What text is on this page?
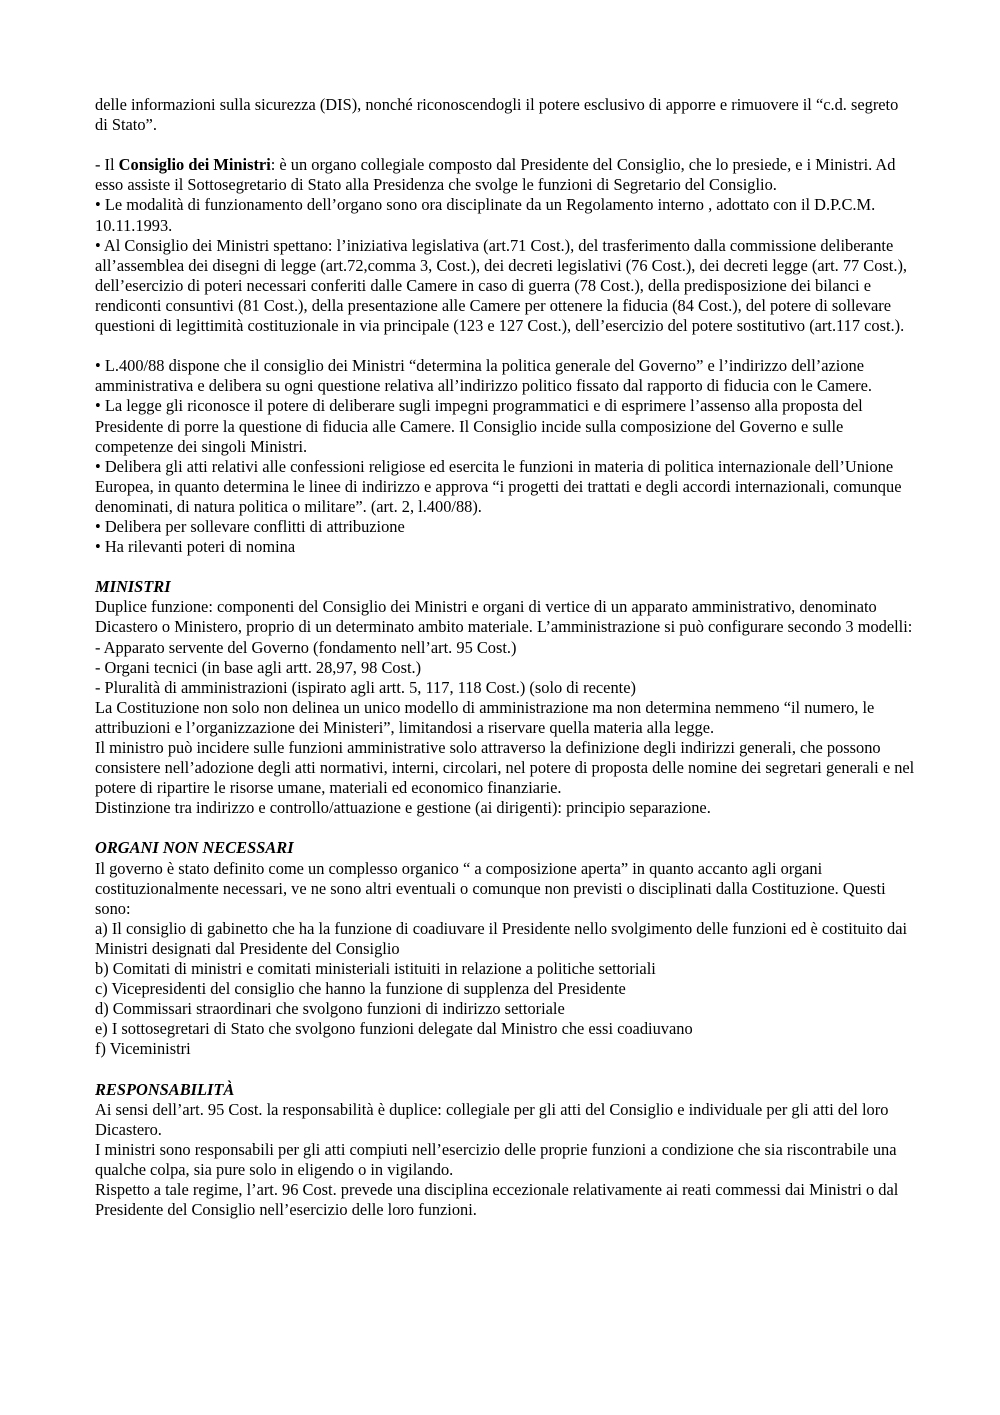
delle informazioni sulla sicurezza (DIS), nonché riconoscendogli il potere esclusivo di apporre e rimuovere il “c.d. segreto di Stato”.
- Il Consiglio dei Ministri: è un organo collegiale composto dal Presidente del Consiglio, che lo presiede, e i Ministri. Ad esso assiste il Sottosegretario di Stato alla Presidenza che svolge le funzioni di Segretario del Consiglio.
• Le modalità di funzionamento dell’organo sono ora disciplinate da un Regolamento interno , adottato con il D.P.C.M. 10.11.1993.
• Al Consiglio dei Ministri spettano: l’iniziativa legislativa (art.71 Cost.), del trasferimento dalla commissione deliberante all’assemblea dei disegni di legge (art.72,comma 3, Cost.), dei decreti legislativi (76 Cost.), dei decreti legge (art. 77 Cost.), dell’esercizio di poteri necessari conferiti dalle Camere in caso di guerra (78 Cost.), della predisposizione dei bilanci e rendiconti consuntivi (81 Cost.), della presentazione alle Camere per ottenere la fiducia (84 Cost.), del potere di sollevare questioni di legittimità costituzionale in via principale (123 e 127 Cost.), dell’esercizio del potere sostitutivo (art.117 cost.).
• L.400/88 dispone che il consiglio dei Ministri “determina la politica generale del Governo” e l’indirizzo dell’azione amministrativa e delibera su ogni questione relativa all’indirizzo politico fissato dal rapporto di fiducia con le Camere.
• La legge gli riconosce il potere di deliberare sugli impegni programmatici e di esprimere l’assenso alla proposta del Presidente di porre la questione di fiducia alle Camere. Il Consiglio incide sulla composizione del Governo e sulle competenze dei singoli Ministri.
• Delibera gli atti relativi alle confessioni religiose ed esercita le funzioni in materia di politica internazionale dell’Unione Europea, in quanto determina le linee di indirizzo e approva “i progetti dei trattati e degli accordi internazionali, comunque denominati, di natura politica o militare”. (art. 2, l.400/88).
• Delibera per sollevare conflitti di attribuzione
• Ha rilevanti poteri di nomina
MINISTRI
Duplice funzione: componenti del Consiglio dei Ministri e organi di vertice di un apparato amministrativo, denominato Dicastero o Ministero, proprio di un determinato ambito materiale. L’amministrazione si può configurare secondo 3 modelli:
- Apparato servente del Governo (fondamento nell’art. 95 Cost.)
- Organi tecnici (in base agli artt. 28,97, 98 Cost.)
- Pluralità di amministrazioni (ispirato agli artt. 5, 117, 118 Cost.) (solo di recente)
La Costituzione non solo non delinea un unico modello di amministrazione ma non determina nemmeno “il numero, le attribuzioni e l’organizzazione dei Ministeri”, limitandosi a riservare quella materia alla legge.
Il ministro può incidere sulle funzioni amministrative solo attraverso la definizione degli indirizzi generali, che possono consistere nell’adozione degli atti normativi, interni, circolari, nel potere di proposta delle nomine dei segretari generali e nel potere di ripartire le risorse umane, materiali ed economico finanziarie.
Distinzione tra indirizzo e controllo/attuazione e gestione (ai dirigenti): principio separazione.
ORGANI NON NECESSARI
Il governo è stato definito come un complesso organico “ a composizione aperta” in quanto accanto agli organi costituzionalmente necessari, ve ne sono altri eventuali o comunque non previsti o disciplinati dalla Costituzione. Questi sono:
a) Il consiglio di gabinetto che ha la funzione di coadiuvare il Presidente nello svolgimento delle funzioni ed è costituito dai Ministri designati dal Presidente del Consiglio
b) Comitati di ministri e comitati ministeriali istituiti in relazione a politiche settoriali
c) Vicepresidenti del consiglio che hanno la funzione di supplenza del Presidente
d) Commissari straordinari che svolgono funzioni di indirizzo settoriale
e) I sottosegretari di Stato che svolgono funzioni delegate dal Ministro che essi coadiuvano
f) Viceministri
RESPONSABILITÀ
Ai sensi dell’art. 95 Cost. la responsabilità è duplice: collegiale per gli atti del Consiglio e individuale per gli atti del loro Dicastero.
I ministri sono responsabili per gli atti compiuti nell’esercizio delle proprie funzioni a condizione che sia riscontrabile una qualche colpa, sia pure solo in eligendo o in vigilando.
Rispetto a tale regime, l’art. 96 Cost. prevede una disciplina eccezionale relativamente ai reati commessi dai Ministri o dal Presidente del Consiglio nell’esercizio delle loro funzioni.
